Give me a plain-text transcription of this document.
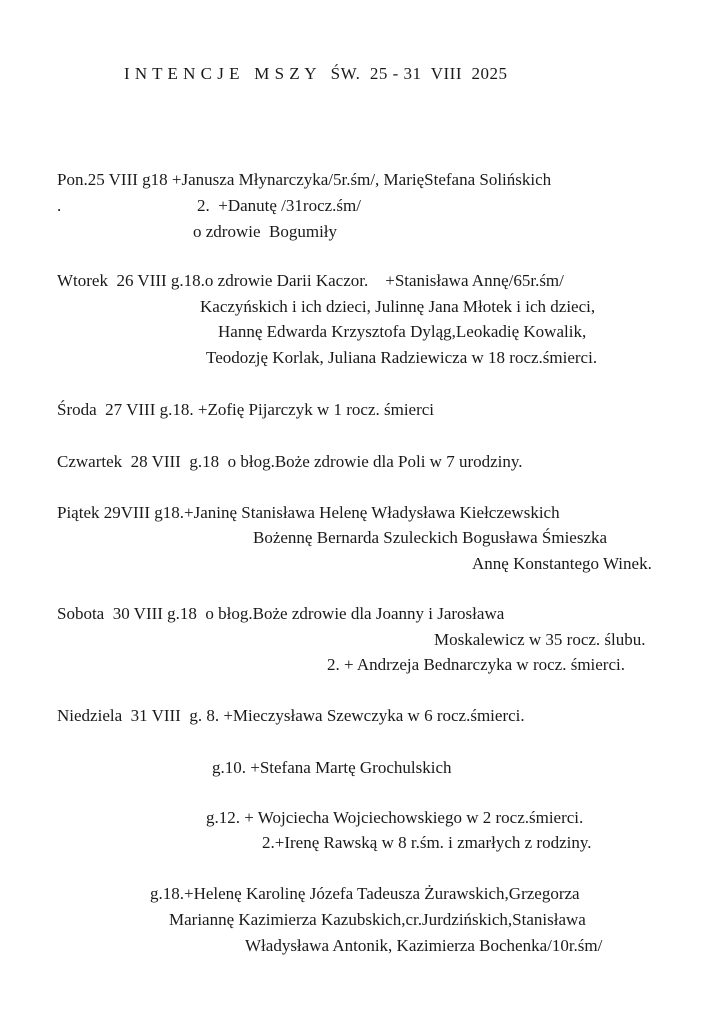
I N T E N C J E   M S Z Y   ŚW.  25 - 31  VIII  2025

Pon.25 VIII g18 +Janusza Młynarczyka/5r.śm/, MarięStefana Solińskich

.	2.  +Danutę /31rocz.śm/

o zdrowie  Bogumiły

Wtorek  26 VIII g.18.o zdrowie Darii Kaczor.    +Stanisława Annę/65r.śm/

Kaczyńskich i ich dzieci, Julinnę Jana Młotek i ich dzieci,

Hannę Edwarda Krzysztofa Dyląg,Leokadię Kowalik,

Teodozję Korlak, Juliana Radziewicza w 18 rocz.śmierci.

Środa  27 VIII g.18. +Zofię Pijarczyk w 1 rocz. śmierci

Czwartek  28 VIII  g.18  o błog.Boże zdrowie dla Poli w 7 urodziny.

Piątek 29VIII g18.+Janinę Stanisława Helenę Władysława Kiełczewskich

Bożennę Bernarda Szuleckich Bogusława Śmieszka

Annę Konstantego Winek.

Sobota  30 VIII g.18  o błog.Boże zdrowie dla Joanny i Jarosława

Moskalewicz w 35 rocz. ślubu.

2. + Andrzeja Bednarczyka w rocz. śmierci.

Niedziela  31 VIII  g. 8. +Mieczysława Szewczyka w 6 rocz.śmierci.

g.10. +Stefana Martę Grochulskich

g.12. + Wojciecha Wojciechowskiego w 2 rocz.śmierci.

2.+Irenę Rawską w 8 r.śm. i zmarłych z rodziny.

g.18.+Helenę Karolinę Józefa Tadeusza Żurawskich,Grzegorza

Mariannę Kazimierza Kazubskich,cr.Jurdzińskich,Stanisława

Władysława Antonik, Kazimierza Bochenka/10r.śm/
